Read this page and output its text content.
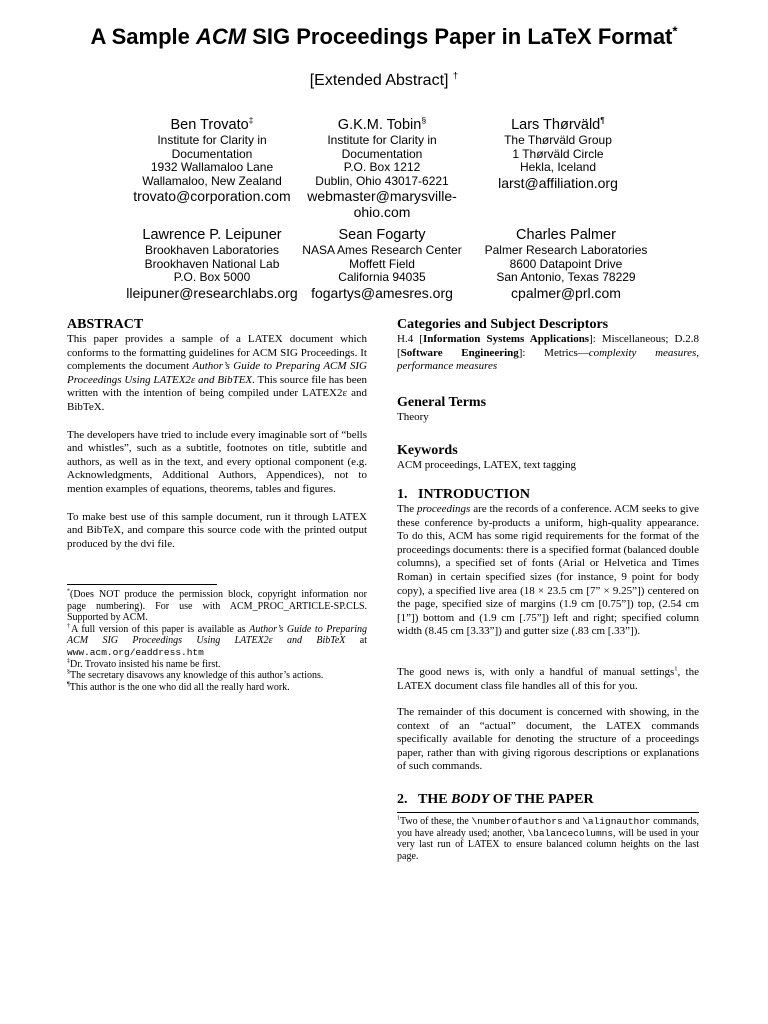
A Sample ACM SIG Proceedings Paper in LaTeX Format*
[Extended Abstract] †
Ben Trovato‡
Institute for Clarity in
Documentation
1932 Wallamaloo Lane
Wallamaloo, New Zealand
trovato@corporation.com
G.K.M. Tobin§
Institute for Clarity in
Documentation
P.O. Box 1212
Dublin, Ohio 43017-6221
webmaster@marysville-ohio.com
Lars Thørväld¶
The Thørväld Group
1 Thørväld Circle
Hekla, Iceland
larst@affiliation.org
Lawrence P. Leipuner
Brookhaven Laboratories
Brookhaven National Lab
P.O. Box 5000
lleipuner@researchlabs.org
Sean Fogarty
NASA Ames Research Center
Moffett Field
California 94035
fogartys@amesres.org
Charles Palmer
Palmer Research Laboratories
8600 Datapoint Drive
San Antonio, Texas 78229
cpalmer@prl.com
ABSTRACT

This paper provides a sample of a LATEX document which conforms to the formatting guidelines for ACM SIG Proceedings. It complements the document Author’s Guide to Preparing ACM SIG Proceedings Using LATEX2ε and BibTEX. This source file has been written with the intention of being compiled under LATEX2ε and BibTeX.

The developers have tried to include every imaginable sort of “bells and whistles”, such as a subtitle, footnotes on title, subtitle and authors, as well as in the text, and every optional component (e.g. Acknowledgments, Additional Authors, Appendices), not to mention examples of equations, theorems, tables and figures.

To make best use of this sample document, run it through LATEX and BibTeX, and compare this source code with the printed output produced by the dvi file.

*(Does NOT produce the permission block, copyright information nor page numbering). For use with ACM_PROC_ARTICLE-SP.CLS. Supported by ACM.

†A full version of this paper is available as Author’s Guide to Preparing ACM SIG Proceedings Using LATEX2ε and BibTeX at www.acm.org/eaddress.htm

‡Dr. Trovato insisted his name be first.

§The secretary disavows any knowledge of this author’s actions.

¶This author is the one who did all the really hard work.

Categories and Subject Descriptors

H.4 [Information Systems Applications]: Miscellaneous; D.2.8 [Software Engineering]: Metrics—complexity measures, performance measures

General Terms

Theory

Keywords

ACM proceedings, LATEX, text tagging

1. INTRODUCTION
The proceedings are the records of a conference. ACM seeks to give these conference by-products a uniform, high-quality appearance. To do this, ACM has some rigid requirements for the format of the proceedings documents: there is a specified format (balanced double columns), a specified set of fonts (Arial or Helvetica and Times Roman) in certain specified sizes (for instance, 9 point for body copy), a specified live area (18 × 23.5 cm [7” × 9.25”]) centered on the page, specified size of margins (1.9 cm [0.75”]) top, (2.54 cm [1”]) bottom and (1.9 cm [.75”]) left and right; specified column width (8.45 cm [3.33”]) and gutter size (.83 cm [.33”]).
The good news is, with only a handful of manual settings$^1$, the LATEX document class file handles all of this for you.
The remainder of this document is concerned with showing, in the context of an “actual” document, the LATEX commands specifically available for denoting the structure of a proceedings paper, rather than with giving rigorous descriptions or explanations of such commands.
2. THE BODY OF THE PAPER

$^1$Two of these, the \numberofauthors and \alignauthor commands, you have already used; another, \balancecolumns, will be used in your very last run of LATEX to ensure balanced column heights on the last page.
